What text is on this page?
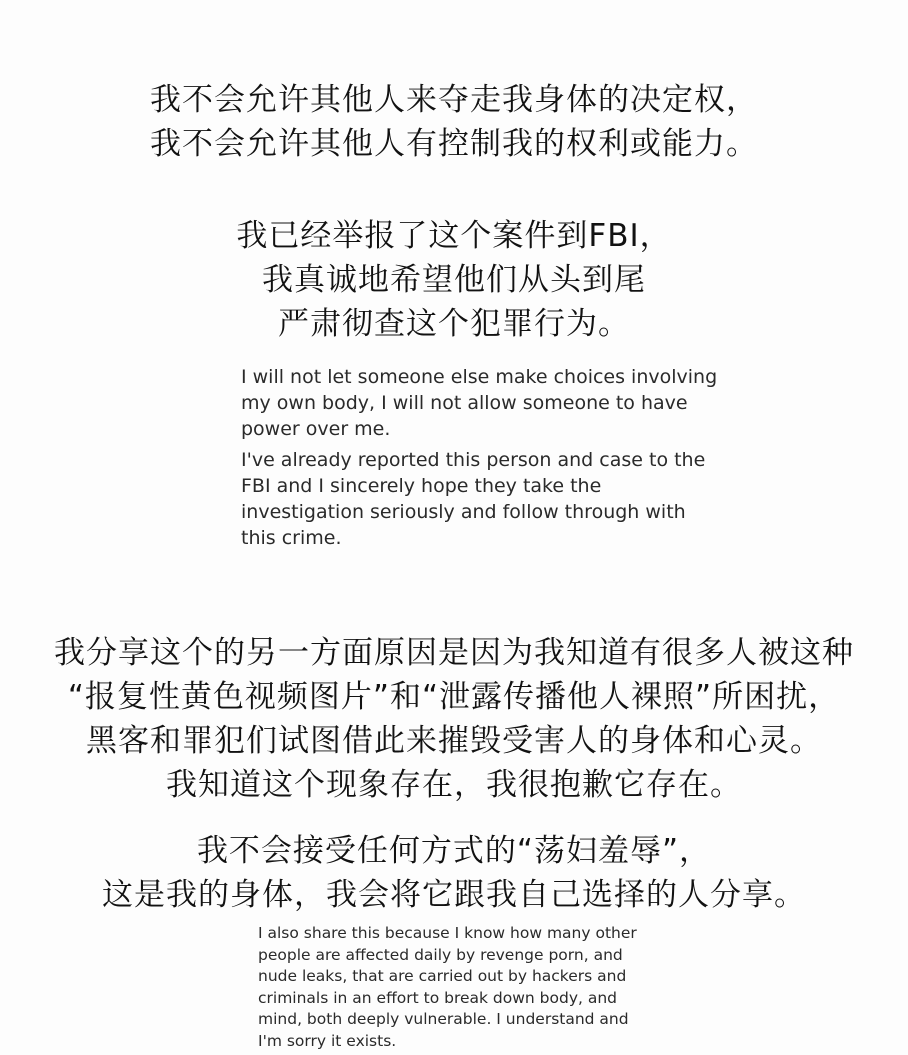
我不会允许其他人来夺走我身体的决定权，
我不会允许其他人有控制我的权利或能力。
我已经举报了这个案件到FBI，
我真诚地希望他们从头到尾
严肃彻查这个犯罪行为。
I will not let someone else make choices involving
my own body, I will not allow someone to have
power over me.
I've already reported this person and case to the
FBI and I sincerely hope they take the
investigation seriously and follow through with
this crime.
我分享这个的另一方面原因是因为我知道有很多人被这种
“报复性黄色视频图片”和“泄露传播他人裸照”所困扰，
黑客和罪犯们试图借此来摧毁受害人的身体和心灵。
我知道这个现象存在，我很抱歉它存在。
我不会接受任何方式的“荡妇羞辱”，
这是我的身体，我会将它跟我自己选择的人分享。
I also share this because I know how many other
people are affected daily by revenge porn, and
nude leaks, that are carried out by hackers and
criminals in an effort to break down body, and
mind, both deeply vulnerable. I understand and
I'm sorry it exists.
